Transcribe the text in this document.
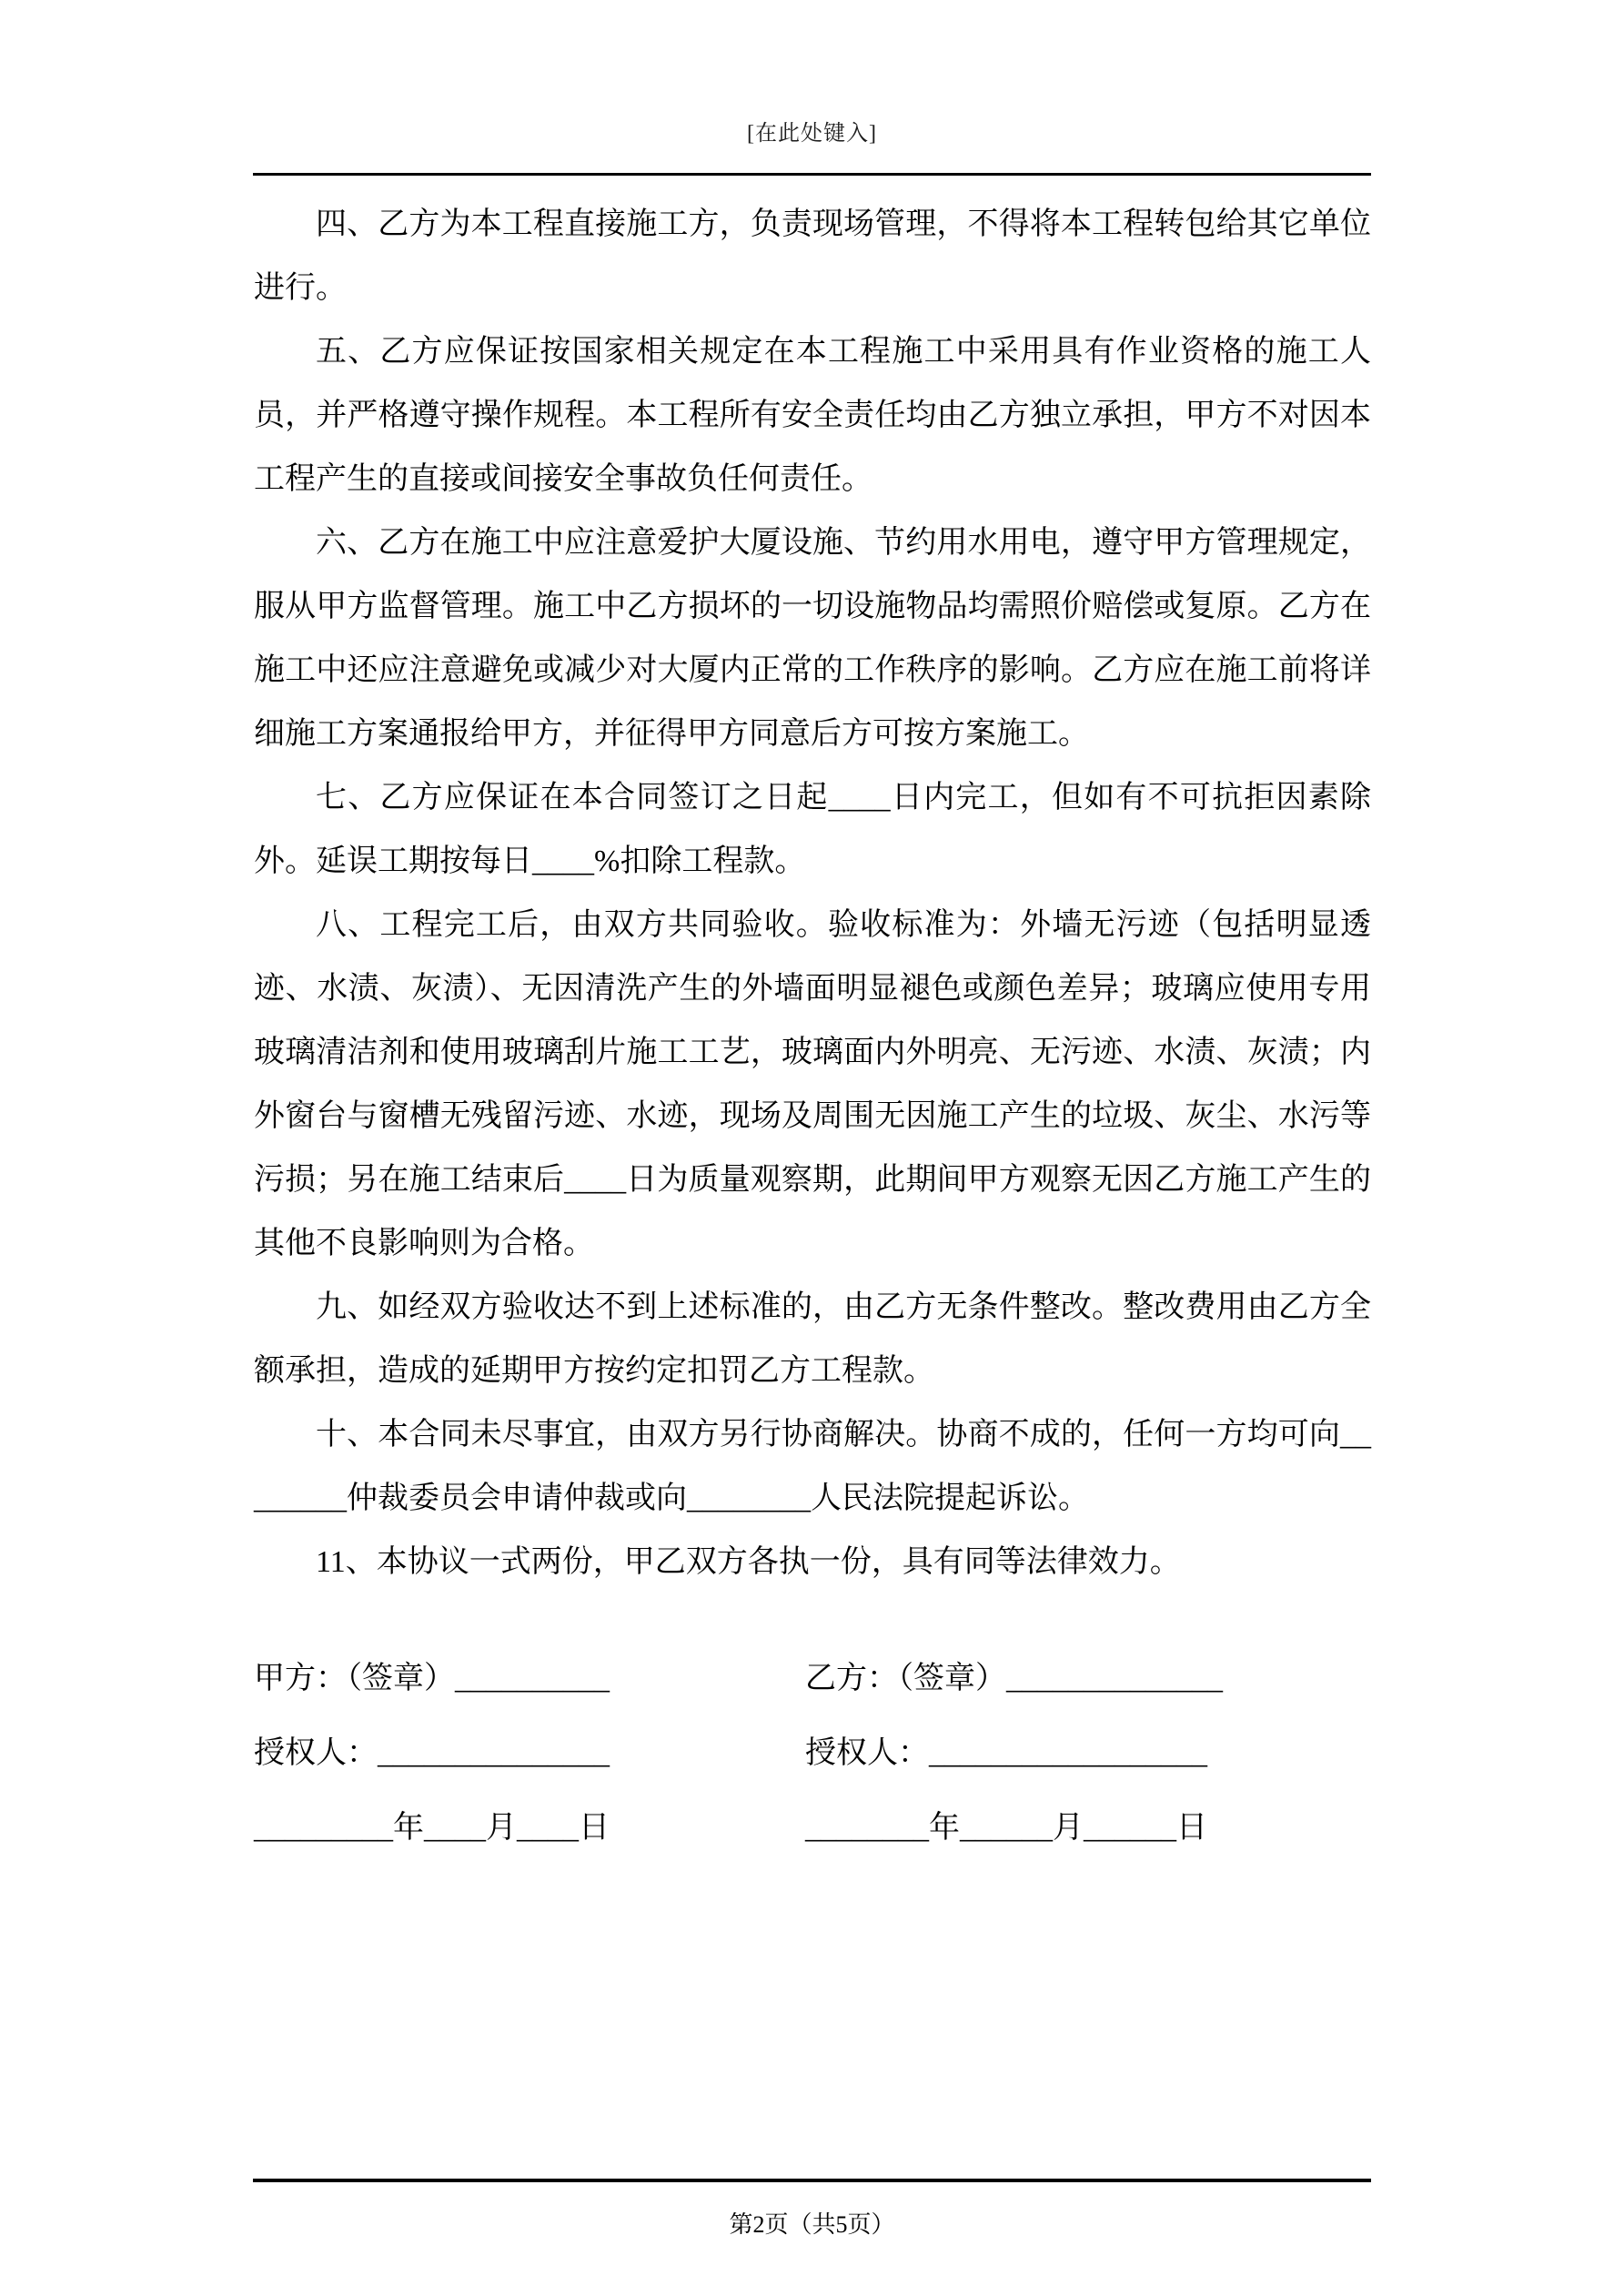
[在此处键入]

四、乙方为本工程直接施工方，负责现场管理，不得将本工程转包给其它单位进行。

五、乙方应保证按国家相关规定在本工程施工中采用具有作业资格的施工人员，并严格遵守操作规程。本工程所有安全责任均由乙方独立承担，甲方不对因本工程产生的直接或间接安全事故负任何责任。

六、乙方在施工中应注意爱护大厦设施、节约用水用电，遵守甲方管理规定，服从甲方监督管理。施工中乙方损坏的一切设施物品均需照价赔偿或复原。乙方在施工中还应注意避免或减少对大厦内正常的工作秩序的影响。乙方应在施工前将详细施工方案通报给甲方，并征得甲方同意后方可按方案施工。

七、乙方应保证在本合同签订之日起____日内完工，但如有不可抗拒因素除外。延误工期按每日____%扣除工程款。

八、工程完工后，由双方共同验收。验收标准为：外墙无污迹（包括明显透迹、水渍、灰渍）、无因清洗产生的外墙面明显褪色或颜色差异；玻璃应使用专用玻璃清洁剂和使用玻璃刮片施工工艺，玻璃面内外明亮、无污迹、水渍、灰渍；内外窗台与窗槽无残留污迹、水迹，现场及周围无因施工产生的垃圾、灰尘、水污等污损；另在施工结束后____日为质量观察期，此期间甲方观察无因乙方施工产生的其他不良影响则为合格。

九、如经双方验收达不到上述标准的，由乙方无条件整改。整改费用由乙方全额承担，造成的延期甲方按约定扣罚乙方工程款。

十、本合同未尽事宜，由双方另行协商解决。协商不成的，任何一方均可向________仲裁委员会申请仲裁或向________人民法院提起诉讼。

11、本协议一式两份，甲乙双方各执一份，具有同等法律效力。

甲方：（签章）__________

授权人：_______________

_________年____月____日

乙方：（签章）______________

授权人：__________________

________年______月______日

第2页（共5页）
